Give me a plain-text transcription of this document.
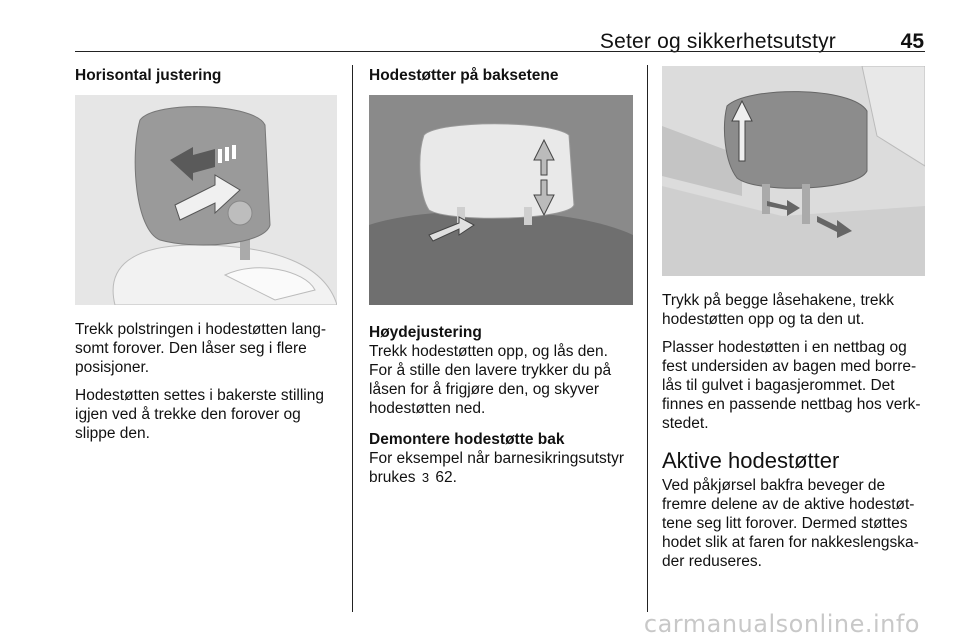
Seter og sikkerhetsutstyr	45
Horisontal justering

Trekk polstringen i hodestøtten langsomt forover. Den låser seg i flere posisjoner.

Hodestøtten settes i bakerste stilling igjen ved å trekke den forover og slippe den.

Hodestøtter på baksetene
Høydejustering

Trekk hodestøtten opp, og lås den. For å stille den lavere trykker du på låsen for å frigjøre den, og skyver hodestøtten ned.

Demontere hodestøtte bak

For eksempel når barnesikringsutstyr brukes 3 62.

Trykk på begge låsehakene, trekk hodestøtten opp og ta den ut.

Plasser hodestøtten i en nettbag og fest undersiden av bagen med borrelås til gulvet i bagasjerommet. Det finnes en passende nettbag hos verkstedet.

Aktive hodestøtter

Ved påkjørsel bakfra beveger de fremre delene av de aktive hodestøttene seg litt forover. Dermed støttes hodet slik at faren for nakkeslengskader reduseres.

carmanualsonline.info
